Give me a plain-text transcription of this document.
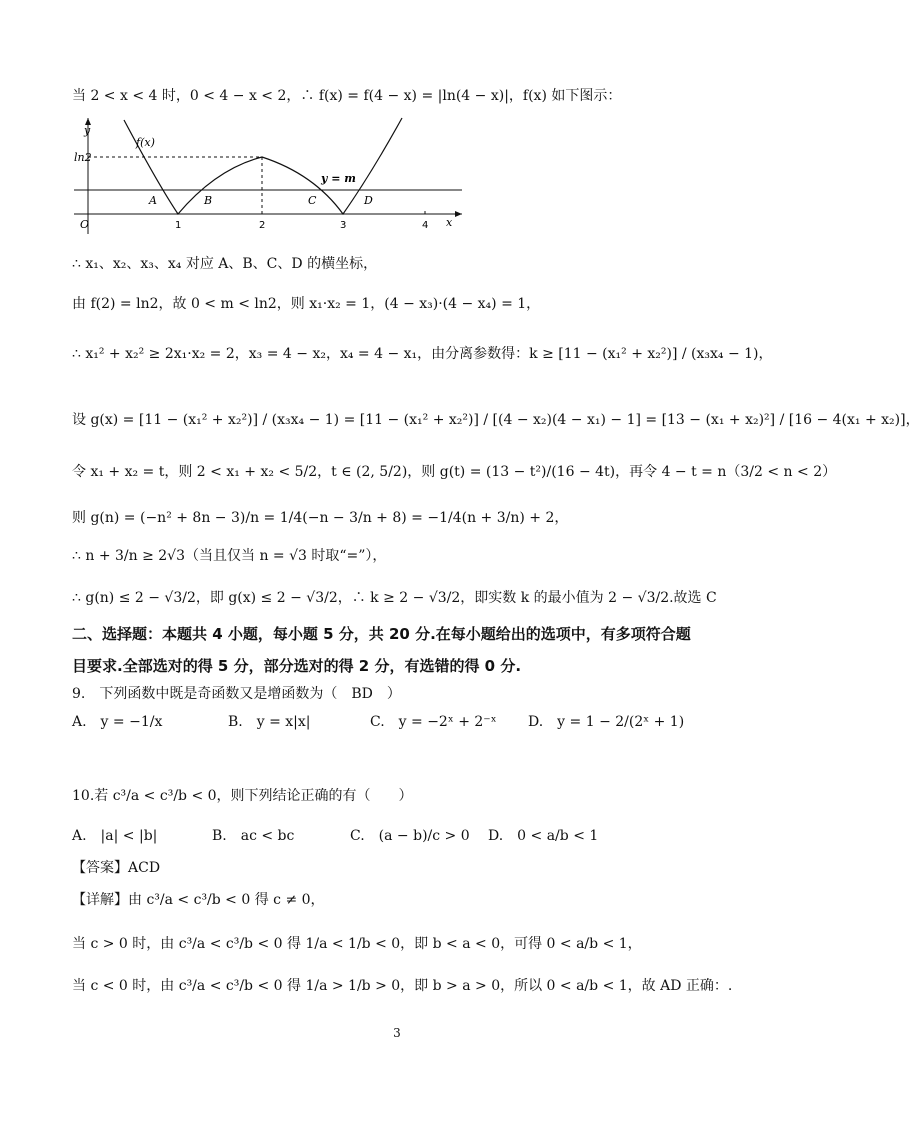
当 2 < x < 4 时，0 < 4 − x < 2，∴ f(x) = f(4 − x) = |ln(4 − x)|，f(x) 如下图示：
y
O	x
ln2
f(x)
y = m
1	2	3	4
A	B	C	D
∴ x₁、x₂、x₃、x₄ 对应 A、B、C、D 的横坐标，
由 f(2) = ln2，故 0 < m < ln2，则 x₁·x₂ = 1，(4 − x₃)·(4 − x₄) = 1，
∴ x₁² + x₂² ≥ 2x₁·x₂ = 2，x₃ = 4 − x₂，x₄ = 4 − x₁，由分离参数得：k ≥ [11 − (x₁² + x₂²)] / (x₃x₄ − 1)，
设 g(x) = [11 − (x₁² + x₂²)] / (x₃x₄ − 1) = [11 − (x₁² + x₂²)] / [(4 − x₂)(4 − x₁) − 1] = [13 − (x₁ + x₂)²] / [16 − 4(x₁ + x₂)]，
令 x₁ + x₂ = t，则 2 < x₁ + x₂ < 5/2，t ∈ (2, 5/2)，则 g(t) = (13 − t²)/(16 − 4t)，再令 4 − t = n（3/2 < n < 2）
则 g(n) = (−n² + 8n − 3)/n = 1/4(−n − 3/n + 8) = −1/4(n + 3/n) + 2，
∴ n + 3/n ≥ 2√3（当且仅当 n = √3 时取“=”），
∴ g(n) ≤ 2 − √3/2，即 g(x) ≤ 2 − √3/2，∴ k ≥ 2 − √3/2，即实数 k 的最小值为 2 − √3/2.故选 C
二、选择题：本题共 4 小题，每小题 5 分，共 20 分.在每小题给出的选项中，有多项符合题
目要求.全部选对的得 5 分，部分选对的得 2 分，有选错的得 0 分.
9.　下列函数中既是奇函数又是增函数为（　BD　）
A.　y = −1/x	B.　y = x|x|	C.　y = −2ˣ + 2⁻ˣ D.　y = 1 − 2/(2ˣ + 1)
10.若 c³/a < c³/b < 0，则下列结论正确的有（　　）
A.　|a| < |b|	B.　ac < bc	C.　(a − b)/c > 0 D.　0 < a/b < 1
【答案】ACD
【详解】由 c³/a < c³/b < 0 得 c ≠ 0，
当 c > 0 时，由 c³/a < c³/b < 0 得 1/a < 1/b < 0，即 b < a < 0，可得 0 < a/b < 1，
当 c < 0 时，由 c³/a < c³/b < 0 得 1/a > 1/b > 0，即 b > a > 0，所以 0 < a/b < 1，故 AD 正确：.
3
